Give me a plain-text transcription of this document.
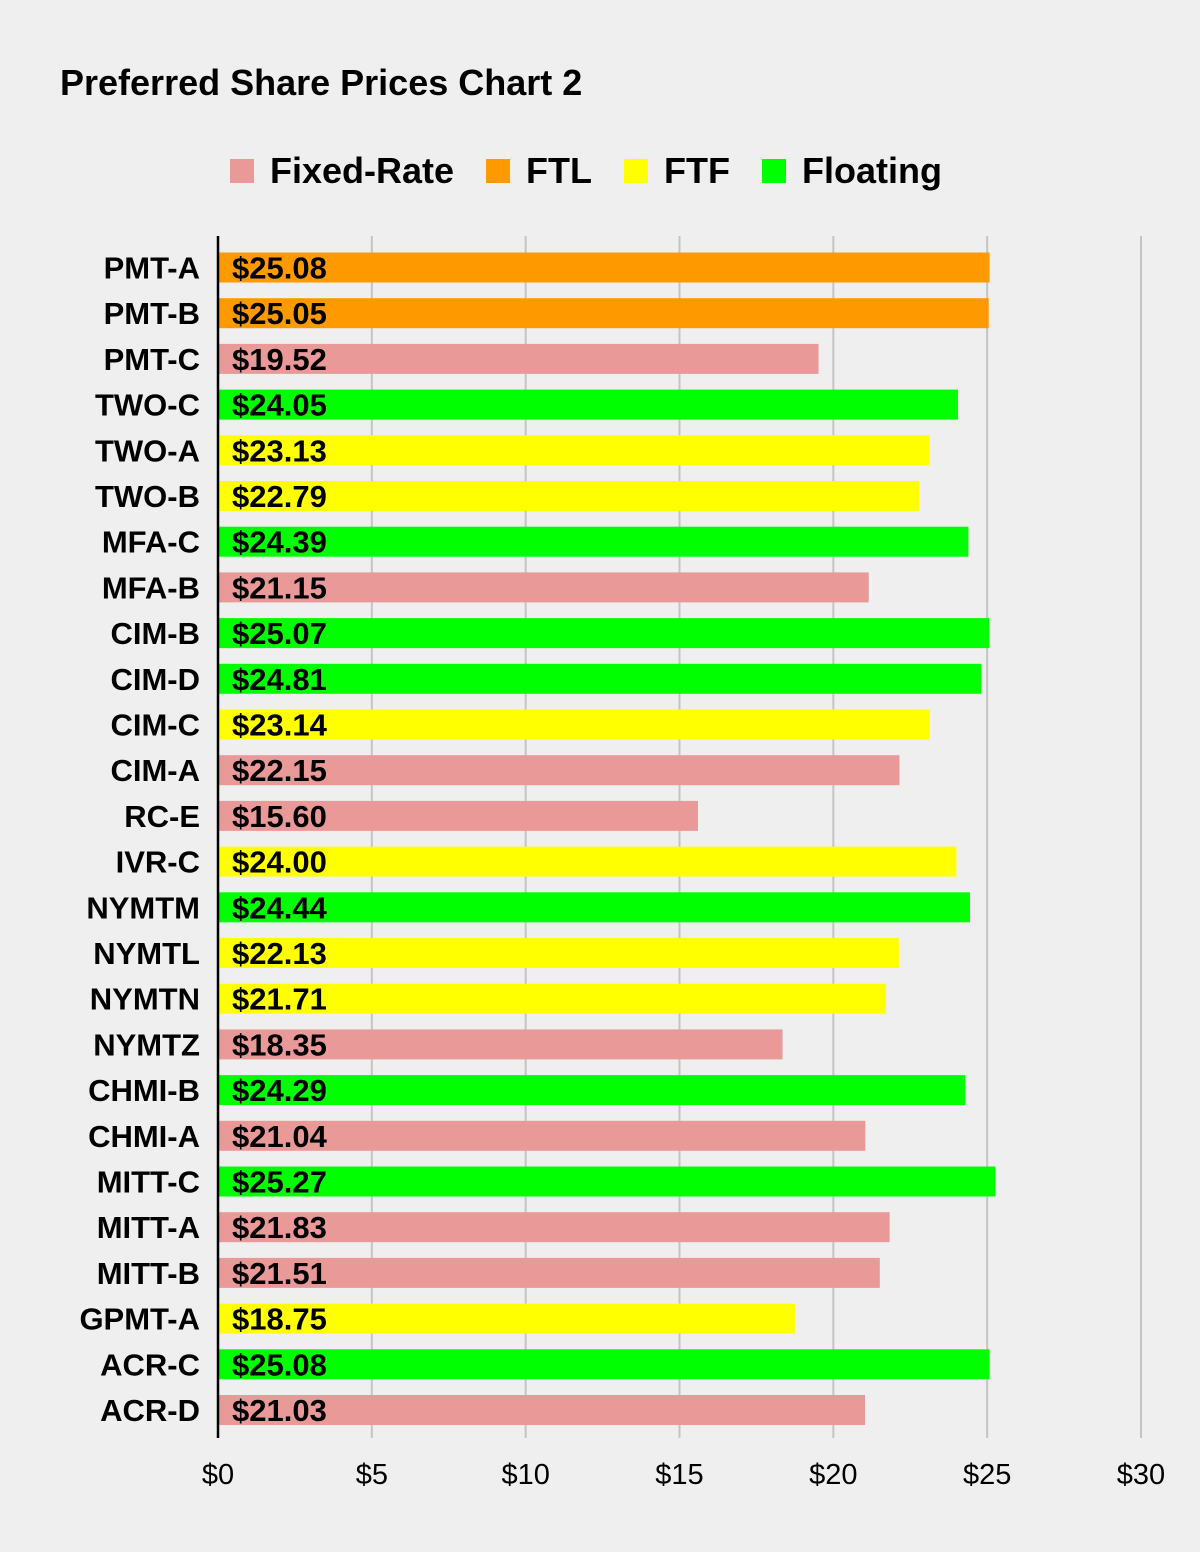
Preferred Share Prices Chart 2
Fixed-Rate FTL FTF Floating
PMT-A $25.08
PMT-B $25.05
PMT-C $19.52
TWO-C $24.05
TWO-A $23.13
TWO-B $22.79
MFA-C $24.39
MFA-B $21.15
CIM-B $25.07
CIM-D $24.81
CIM-C $23.14
CIM-A $22.15
RC-E $15.60
IVR-C $24.00
NYMTM $24.44
NYMTL $22.13
NYMTN $21.71
NYMTZ $18.35
CHMI-B $24.29
CHMI-A $21.04
MITT-C $25.27
MITT-A $21.83
MITT-B $21.51
GPMT-A $18.75
ACR-C $25.08
ACR-D $21.03
$0	$5	$10	$15	$20	$25	$30
